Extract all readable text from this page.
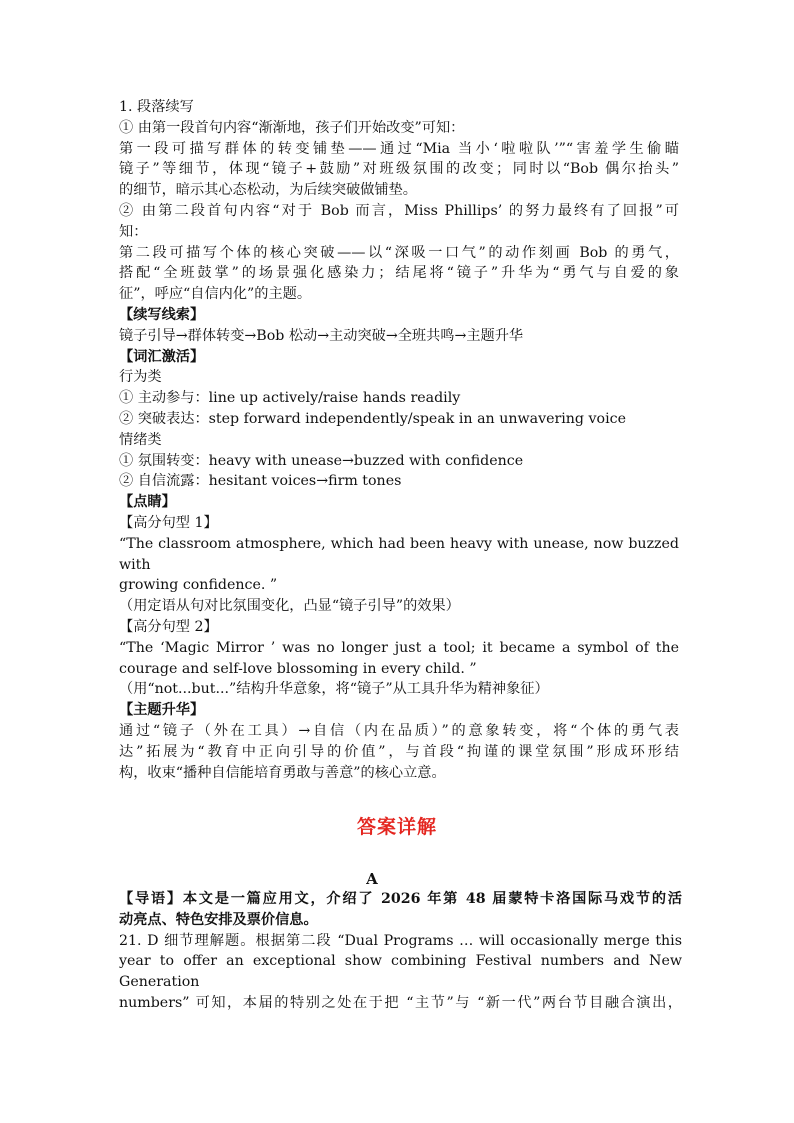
1. 段落续写
① 由第一段首句内容“渐渐地，孩子们开始改变”可知：
第一段可描写群体的转变铺垫——通过“Mia 当小‘啦啦队’”“害羞学生偷瞄
镜子”等细节，体现“镜子+鼓励”对班级氛围的改变；同时以“Bob 偶尔抬头”
的细节，暗示其心态松动，为后续突破做铺垫。
② 由第二段首句内容“对于 Bob 而言，Miss Phillips’ 的努力最终有了回报”可
知：
第二段可描写个体的核心突破——以“深吸一口气”的动作刻画 Bob 的勇气，
搭配“全班鼓掌”的场景强化感染力；结尾将“镜子”升华为“勇气与自爱的象
征”，呼应“自信内化”的主题。
【续写线索】
镜子引导→群体转变→Bob 松动→主动突破→全班共鸣→主题升华
【词汇激活】
行为类
① 主动参与：line up actively/raise hands readily
② 突破表达：step forward independently/speak in an unwavering voice
情绪类
① 氛围转变：heavy with unease→buzzed with confidence
② 自信流露：hesitant voices→firm tones
【点睛】
【高分句型 1】
“The classroom atmosphere, which had been heavy with unease, now buzzed with
growing confidence. ”
（用定语从句对比氛围变化，凸显“镜子引导”的效果）
【高分句型 2】
“The ‘Magic Mirror ’ was no longer just a tool; it became a symbol of the
courage and self-love blossoming in every child. ”
（用“not...but...”结构升华意象，将“镜子”从工具升华为精神象征）
【主题升华】
通过“镜子（外在工具）→自信（内在品质）”的意象转变，将“个体的勇气表
达”拓展为“教育中正向引导的价值”，与首段“拘谨的课堂氛围”形成环形结
构，收束“播种自信能培育勇敢与善意”的核心立意。
答案详解
A
【导语】本文是一篇应用文，介绍了 2026 年第 48 届蒙特卡洛国际马戏节的活
动亮点、特色安排及票价信息。
21. D 细节理解题。根据第二段 “Dual Programs … will occasionally merge this
year to offer an exceptional show combining Festival numbers and New Generation
numbers” 可知，本届的特别之处在于把 “主节”与 “新一代”两台节目融合演出，
